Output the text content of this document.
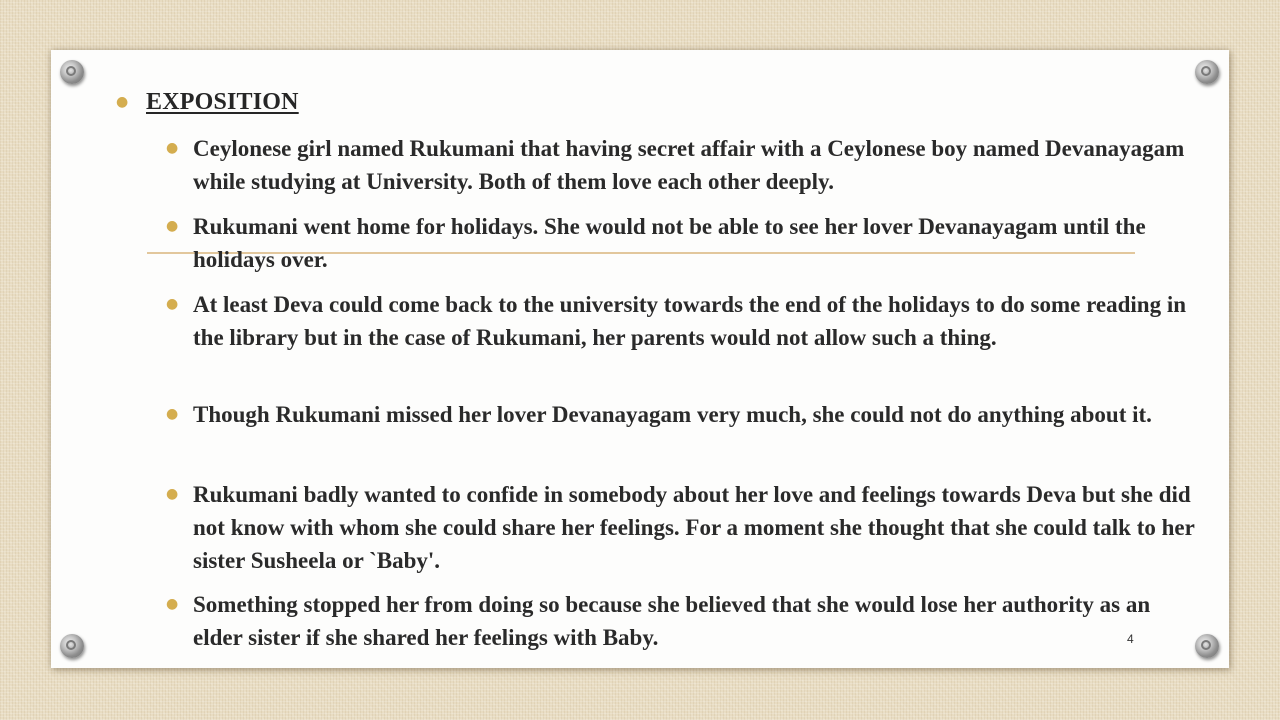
● EXPOSITION
● Ceylonese girl named Rukumani that having secret affair with a Ceylonese boy named Devanayagam while studying at University. Both of them love each other deeply.
● Rukumani went home for holidays. She would not be able to see her lover Devanayagam until the holidays over.
● At least Deva could come back to the university towards the end of the holidays to do some reading in the library but in the case of Rukumani, her parents would not allow such a thing.
● Though Rukumani missed her lover Devanayagam very much, she could not do anything about it.
● Rukumani badly wanted to confide in somebody about her love and feelings towards Deva but she did not know with whom she could share her feelings. For a moment she thought that she could talk to her sister Susheela or `Baby'.
● Something stopped her from doing so because she believed that she would lose her authority as an elder sister if she shared her feelings with Baby.	4
